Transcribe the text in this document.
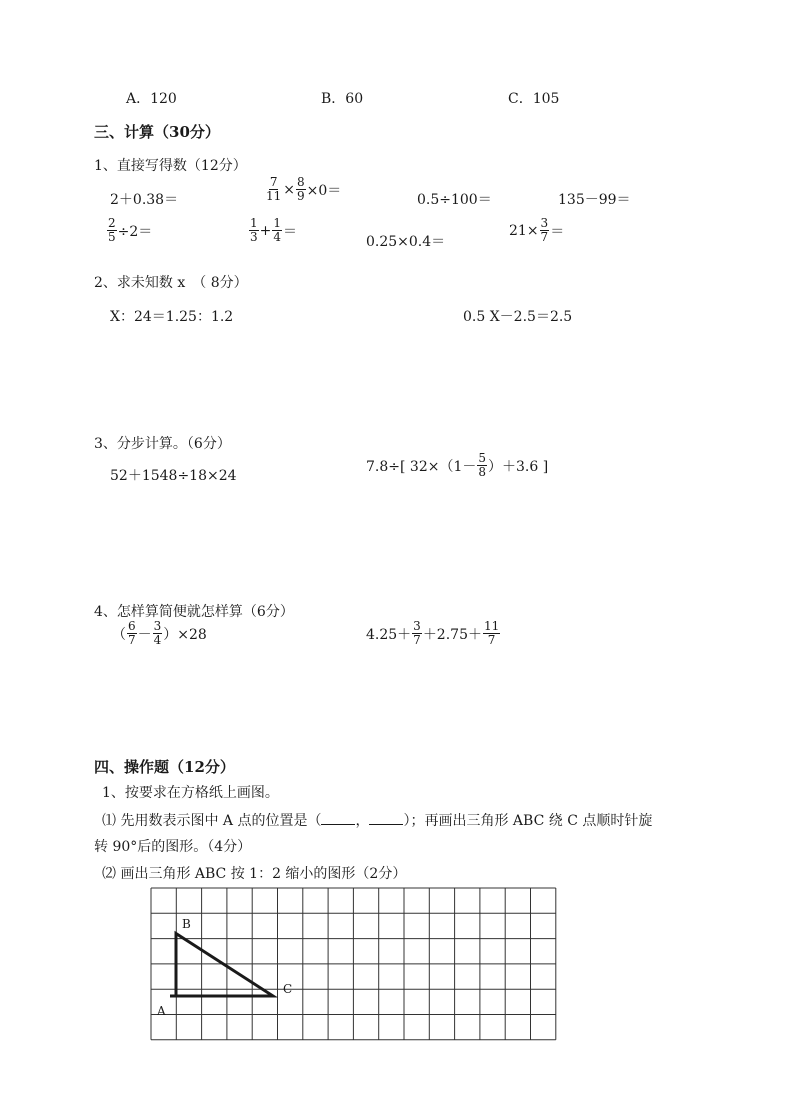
A．120	B．60	C．105
三、计算（30分）
1、直接写得数（12分）
2＋0.38＝	$\frac{7}{11} \times \frac{8}{9} \times 0=$
0.5÷100＝	135－99＝
$\frac{2}{5} \div 2=$	$\frac{1}{3} + \frac{1}{4}$ ＝
0.25×0.4＝
$21\times \frac{3}{7}$ ＝
2、求未知数 x　（ 8分）
X：24＝1.25：1.2	0.5 X－2.5＝2.5
3、分步计算。（6分）
52＋1548÷18×24
7.8÷[ $32\times(1- \frac{5}{8} )+3.6$ ]
4、怎样算简便就怎样算（6分）
（ $\frac{6}{7} - \frac{3}{4} )\times 28$	$4.25+ \frac{3}{7} +2.75+ \frac{11}{7}$
四、操作题（12分）
1、按要求在方格纸上画图。
⑴ 先用数表示图中 A 点的位置是（ ， ）；再画出三角形 ABC 绕 C 点顺时针旋
转 90°后的图形。（4分）
⑵ 画出三角形 ABC 按 1：2 缩小的图形（2分）
B
C
A
